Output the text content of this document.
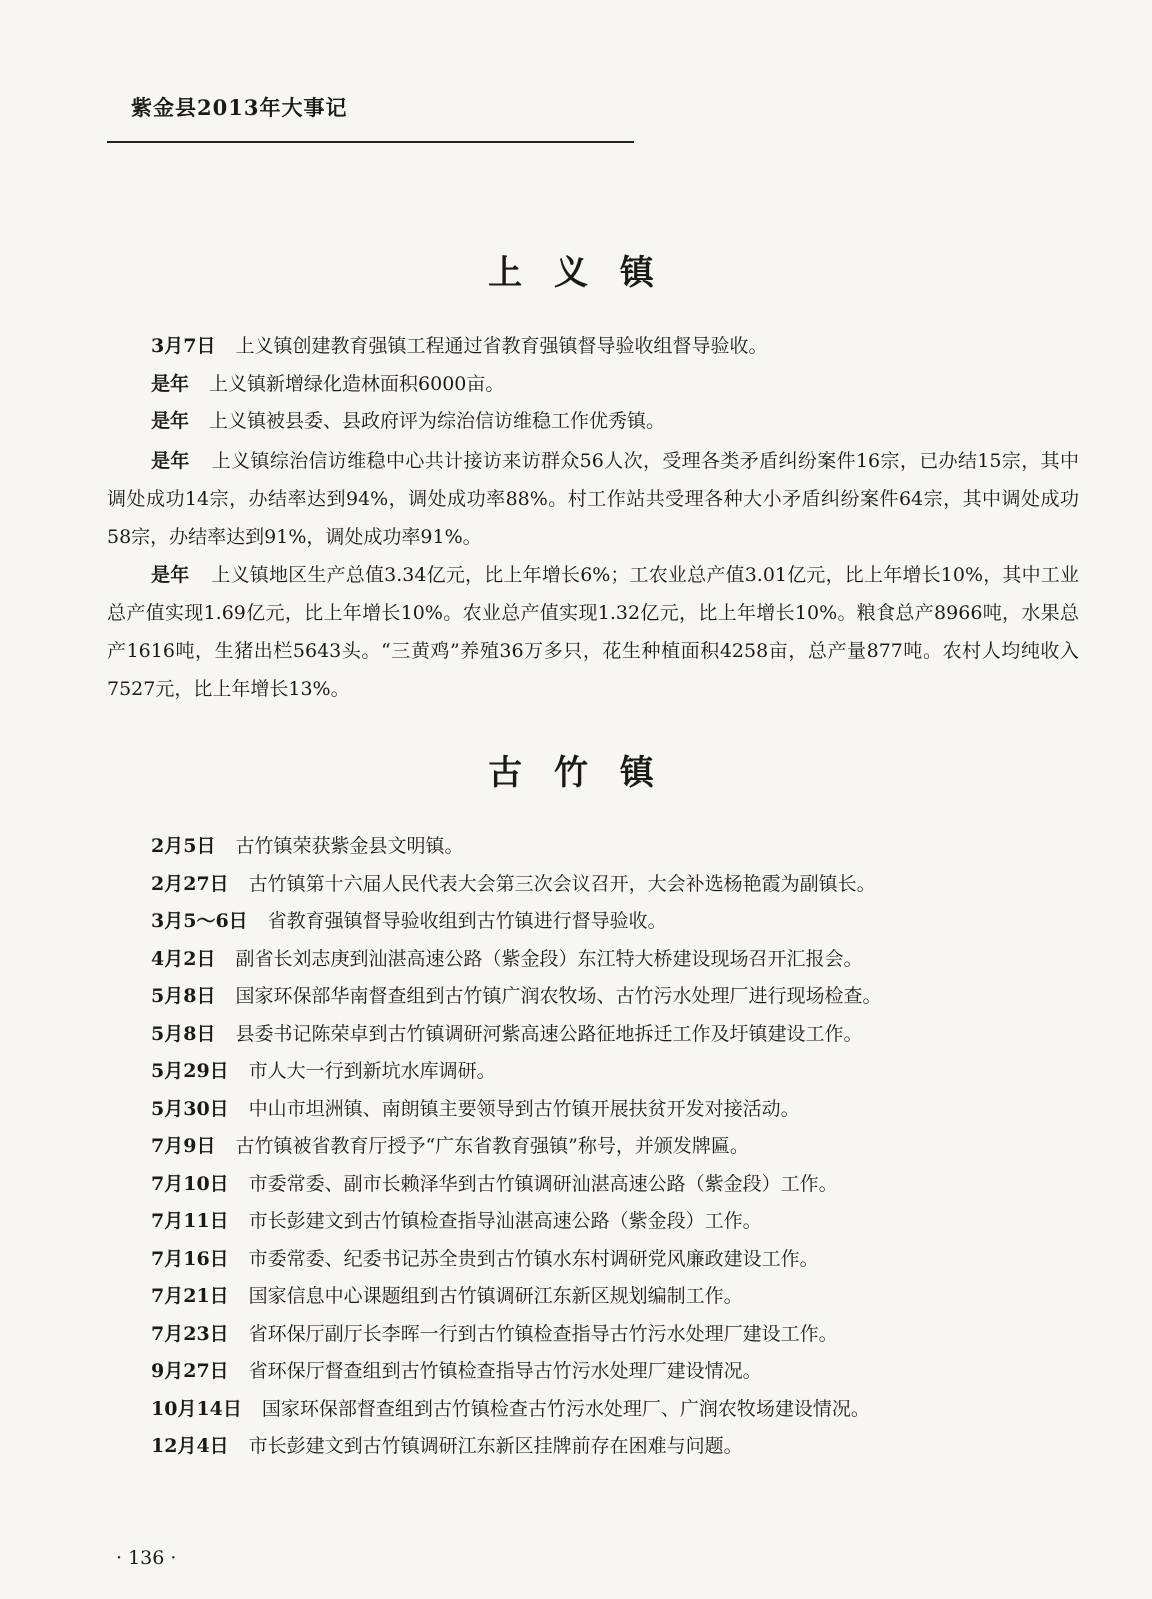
紫金县2013年大事记
上 义 镇

3月7日 上义镇创建教育强镇工程通过省教育强镇督导验收组督导验收。

是年 上义镇新增绿化造林面积6000亩。

是年 上义镇被县委、县政府评为综治信访维稳工作优秀镇。

是年 上义镇综治信访维稳中心共计接访来访群众56人次，受理各类矛盾纠纷案件16宗，已办结15宗，其中调处成功14宗，办结率达到94%，调处成功率88%。村工作站共受理各种大小矛盾纠纷案件64宗，其中调处成功58宗，办结率达到91%，调处成功率91%。

是年 上义镇地区生产总值3.34亿元，比上年增长6%；工农业总产值3.01亿元，比上年增长10%，其中工业总产值实现1.69亿元，比上年增长10%。农业总产值实现1.32亿元，比上年增长10%。粮食总产8966吨，水果总产1616吨，生猪出栏5643头。“三黄鸡”养殖36万多只，花生种植面积4258亩，总产量877吨。农村人均纯收入7527元，比上年增长13%。

古 竹 镇

2月5日 古竹镇荣获紫金县文明镇。

2月27日 古竹镇第十六届人民代表大会第三次会议召开，大会补选杨艳霞为副镇长。

3月5～6日 省教育强镇督导验收组到古竹镇进行督导验收。

4月2日 副省长刘志庚到汕湛高速公路（紫金段）东江特大桥建设现场召开汇报会。

5月8日 国家环保部华南督查组到古竹镇广润农牧场、古竹污水处理厂进行现场检查。

5月8日 县委书记陈荣卓到古竹镇调研河紫高速公路征地拆迁工作及圩镇建设工作。

5月29日 市人大一行到新坑水库调研。

5月30日 中山市坦洲镇、南朗镇主要领导到古竹镇开展扶贫开发对接活动。

7月9日 古竹镇被省教育厅授予“广东省教育强镇”称号，并颁发牌匾。

7月10日 市委常委、副市长赖泽华到古竹镇调研汕湛高速公路（紫金段）工作。

7月11日 市长彭建文到古竹镇检查指导汕湛高速公路（紫金段）工作。

7月16日 市委常委、纪委书记苏全贵到古竹镇水东村调研党风廉政建设工作。

7月21日 国家信息中心课题组到古竹镇调研江东新区规划编制工作。

7月23日 省环保厅副厅长李晖一行到古竹镇检查指导古竹污水处理厂建设工作。

9月27日 省环保厅督查组到古竹镇检查指导古竹污水处理厂建设情况。

10月14日 国家环保部督查组到古竹镇检查古竹污水处理厂、广润农牧场建设情况。

12月4日 市长彭建文到古竹镇调研江东新区挂牌前存在困难与问题。

· 136 ·
